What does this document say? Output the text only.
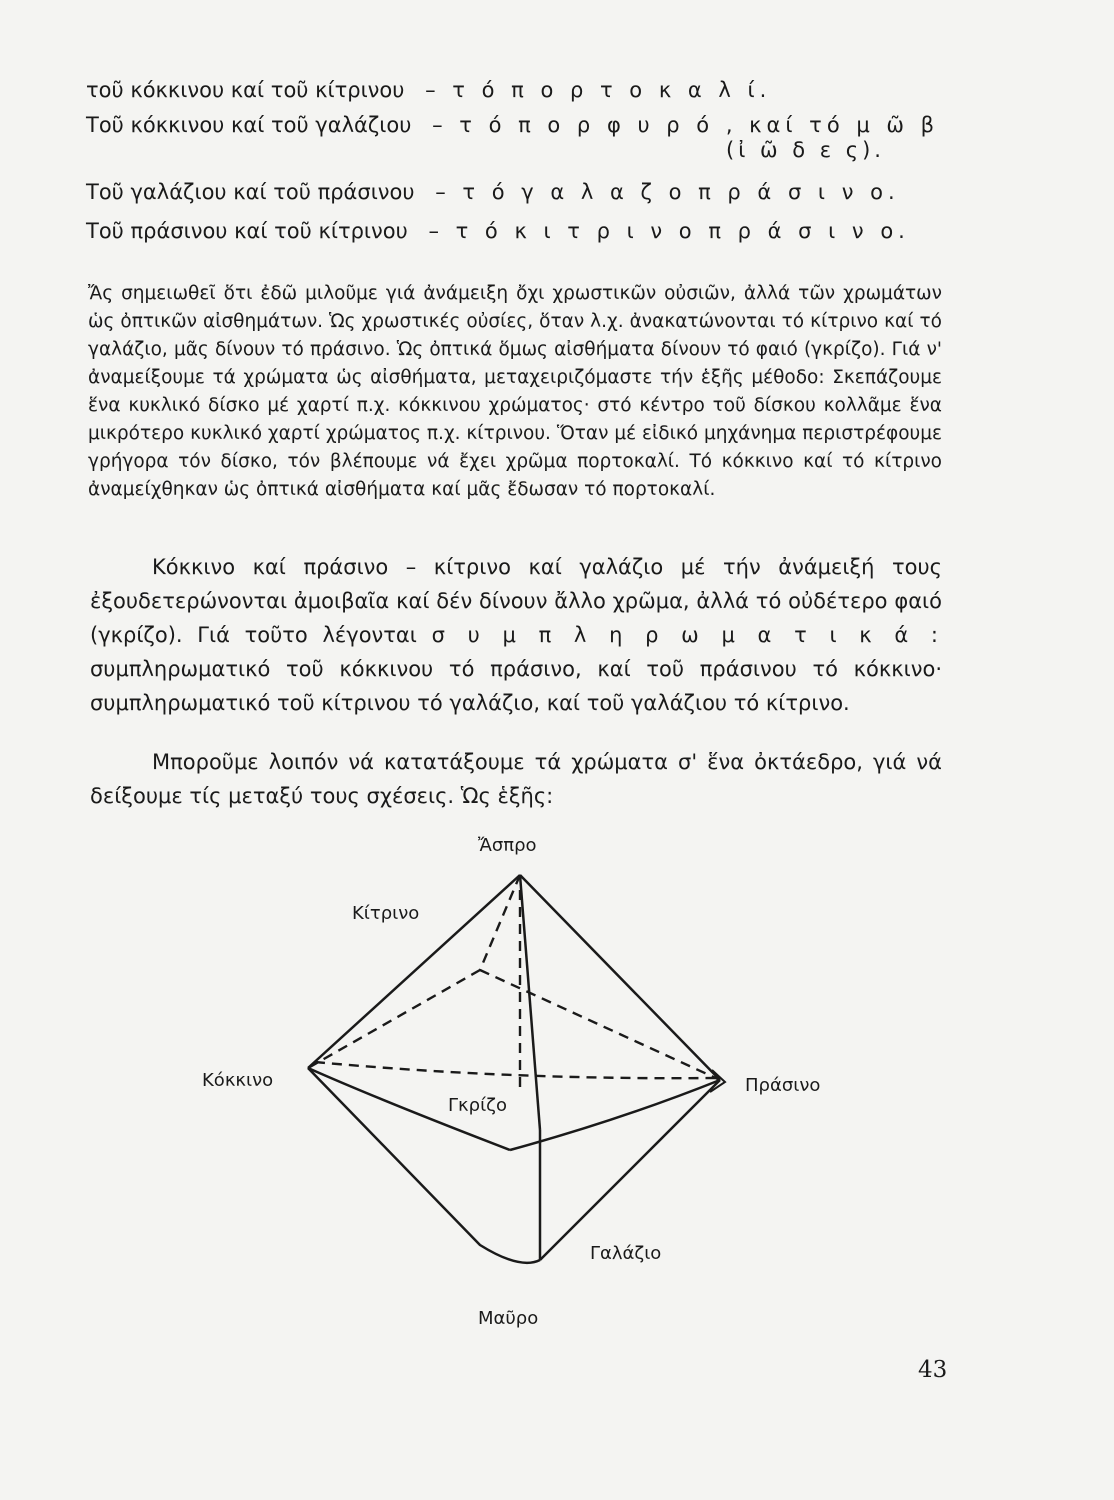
τοῦ κόκκινου καί τοῦ κίτρινου – τ ό π ο ρ τ ο κ α λ ί.
Τοῦ κόκκινου καί τοῦ γαλάζιου – τ ό π ο ρ φ υ ρ ό , καί τό μ ῶ β
(ἰ ῶ δ ε ς).
Τοῦ γαλάζιου καί τοῦ πράσινου – τ ό γ α λ α ζ ο π ρ ά σ ι ν ο.
Τοῦ πράσινου καί τοῦ κίτρινου – τ ό κ ι τ ρ ι ν ο π ρ ά σ ι ν ο.

Ἄς σημειωθεῖ ὅτι ἐδῶ μιλοῦμε γιά ἀνάμειξη ὄχι χρωστικῶν οὐσιῶν, ἀλλά τῶν χρωμάτων ὡς ὀπτικῶν αἰσθημάτων. Ὡς χρωστικές οὐσίες, ὅταν λ.χ. ἀνακατώνονται τό κίτρινο καί τό γαλάζιο, μᾶς δίνουν τό πράσινο. Ὡς ὀπτικά ὅμως αἰσθήματα δίνουν τό φαιό (γκρίζο). Γιά ν' ἀναμείξουμε τά χρώματα ὡς αἰσθήματα, μεταχειριζόμαστε τήν ἑξῆς μέθοδο: Σκεπάζουμε ἕνα κυκλικό δίσκο μέ χαρτί π.χ. κόκκινου χρώματος· στό κέντρο τοῦ δίσκου κολλᾶμε ἕνα μικρότερο κυκλικό χαρτί χρώματος π.χ. κίτρινου. Ὅταν μέ εἰδικό μηχάνημα περιστρέφουμε γρήγορα τόν δίσκο, τόν βλέπουμε νά ἔχει χρῶμα πορτοκαλί. Τό κόκκινο καί τό κίτρινο ἀναμείχθηκαν ὡς ὀπτικά αἰσθήματα καί μᾶς ἔδωσαν τό πορτοκαλί.

Κόκκινο καί πράσινο – κίτρινο καί γαλάζιο μέ τήν ἀνάμειξή τους ἐξουδετερώνονται ἀμοιβαῖα καί δέν δίνουν ἄλλο χρῶμα, ἀλλά τό οὐδέτερο φαιό (γκρίζο). Γιά τοῦτο λέγονται σ υ μ π λ η ρ ω μ α τ ι κ ά : συμπληρωματικό τοῦ κόκκινου τό πράσινο, καί τοῦ πράσινου τό κόκκινο· συμπληρωματικό τοῦ κίτρινου τό γαλάζιο, καί τοῦ γαλάζιου τό κίτρινο.

Μποροῦμε λοιπόν νά κατατάξουμε τά χρώματα σ' ἕνα ὀκτάεδρο, γιά νά δείξουμε τίς μεταξύ τους σχέσεις. Ὡς ἑξῆς:

Ἄσπρο
Κίτρινο
Κόκκινο	Πράσινο
Γκρίζο
Γαλάζιο
Μαῦρο
43
